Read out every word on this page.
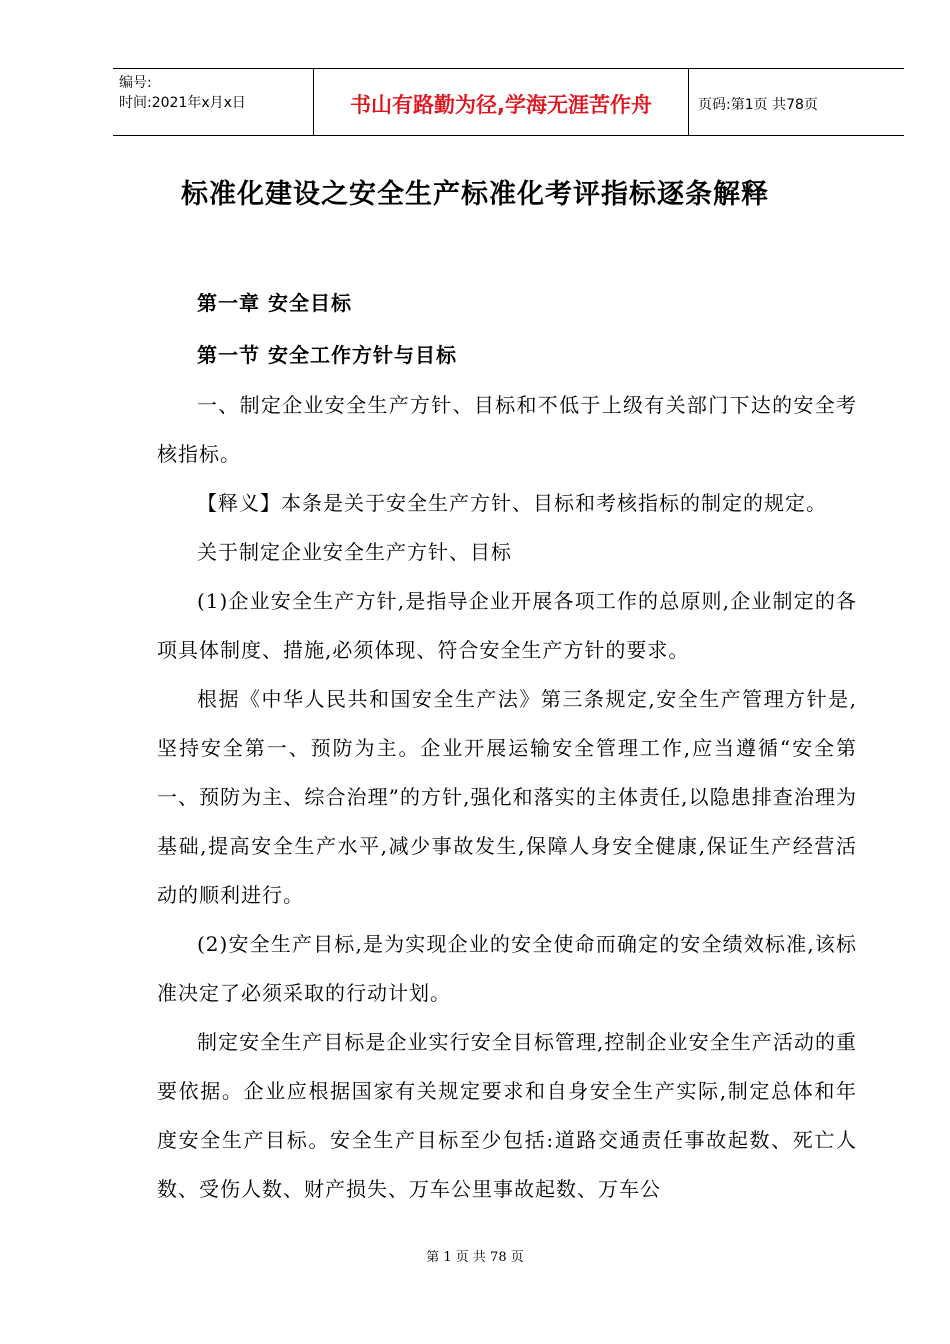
编号:
时间:2021年x月x日	书山有路勤为径,学海无涯苦作舟	页码:第1页 共78页
标准化建设之安全生产标准化考评指标逐条解释

第一章 安全目标

第一节 安全工作方针与目标

一、制定企业安全生产方针、目标和不低于上级有关部门下达的安全考核指标。

【释义】本条是关于安全生产方针、目标和考核指标的制定的规定。

关于制定企业安全生产方针、目标

(1)企业安全生产方针,是指导企业开展各项工作的总原则,企业制定的各项具体制度、措施,必须体现、符合安全生产方针的要求。

根据《中华人民共和国安全生产法》第三条规定,安全生产管理方针是,坚持安全第一、预防为主。企业开展运输安全管理工作,应当遵循“安全第一、预防为主、综合治理”的方针,强化和落实的主体责任,以隐患排查治理为基础,提高安全生产水平,减少事故发生,保障人身安全健康,保证生产经营活动的顺利进行。

(2)安全生产目标,是为实现企业的安全使命而确定的安全绩效标准,该标准决定了必须采取的行动计划。

制定安全生产目标是企业实行安全目标管理,控制企业安全生产活动的重要依据。企业应根据国家有关规定要求和自身安全生产实际,制定总体和年度安全生产目标。安全生产目标至少包括:道路交通责任事故起数、死亡人数、受伤人数、财产损失、万车公里事故起数、万车公

第 1 页 共 78 页
